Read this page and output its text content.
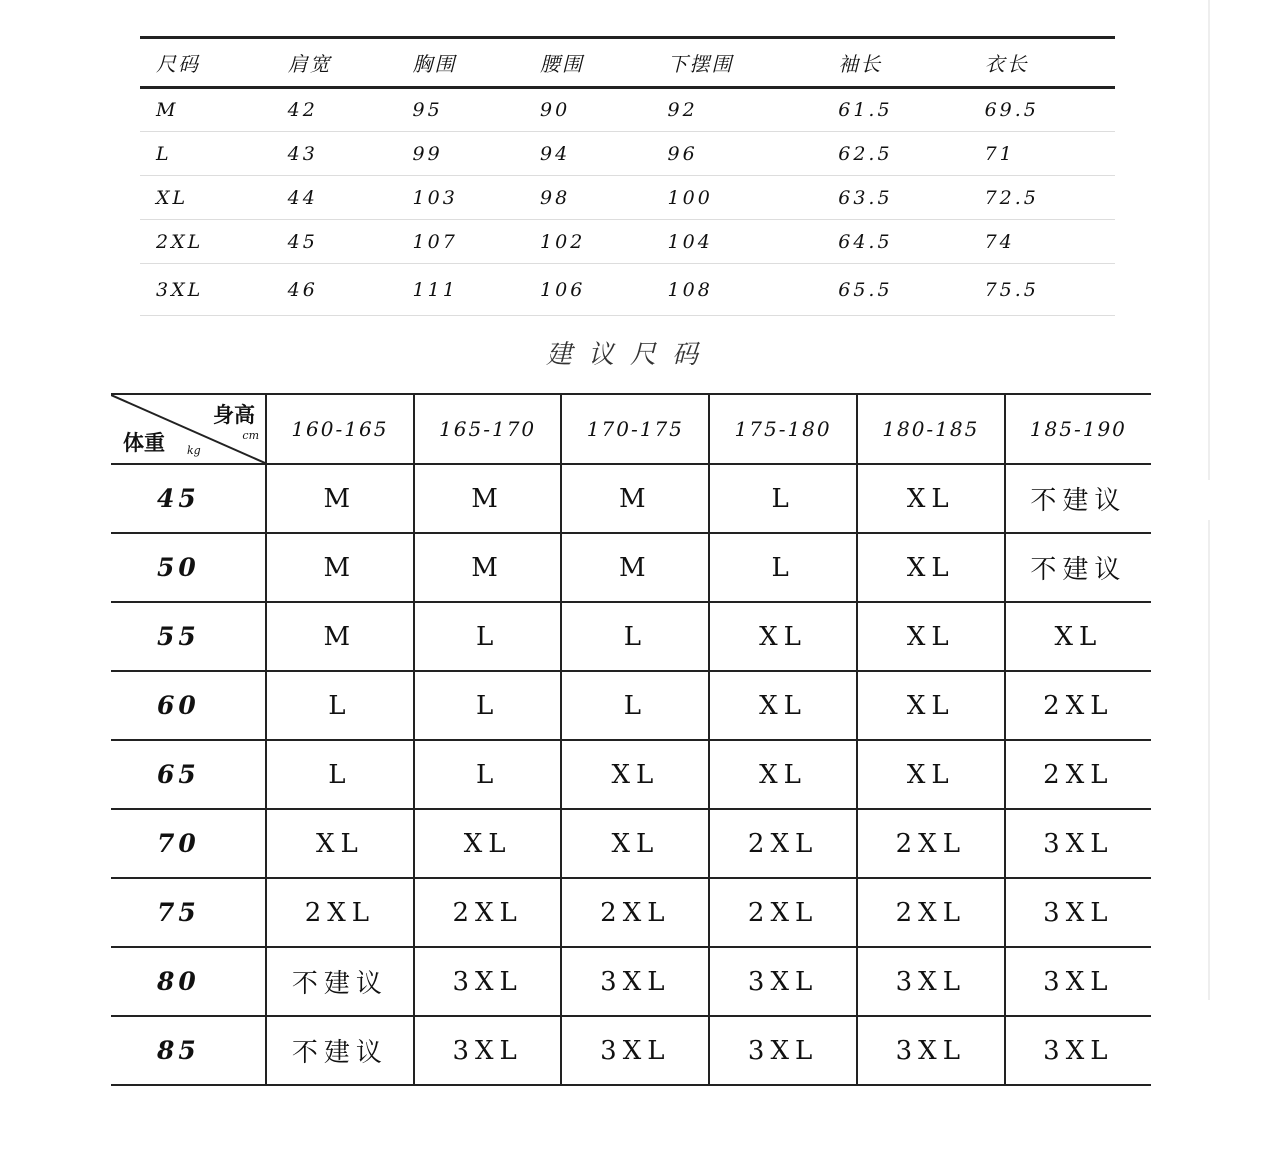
尺码	肩宽	胸围	腰围	下摆围	袖长	衣长
M	42	95	90	92	61.5	69.5
L	43	99	94	96	62.5	71
XL	44	103	98	100	63.5	72.5
2XL	45	107	102	104	64.5	74
3XL	46	111	106	108	65.5	75.5
建议尺码
身高
cm
体重 kg	160-165	165-170	170-175	175-180	180-185	185-190
45	M	M	M	L	XL	不建议
50	M	M	M	L	XL	不建议
55	M	L	L	XL	XL	XL
60	L	L	L	XL	XL	2XL
65	L	L	XL	XL	XL	2XL
70	XL	XL	XL	2XL	2XL	3XL
75	2XL	2XL	2XL	2XL	2XL	3XL
80	不建议	3XL	3XL	3XL	3XL	3XL
85	不建议	3XL	3XL	3XL	3XL	3XL
